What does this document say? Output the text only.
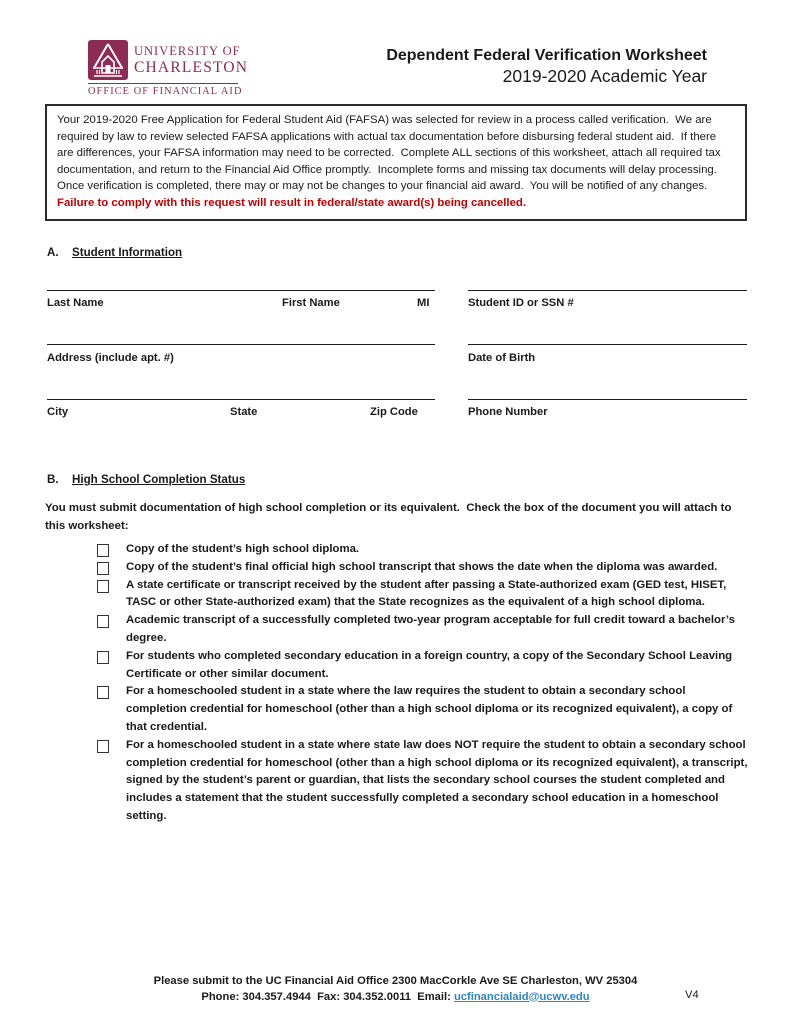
UNIVERSITY OF
CHARLESTON
OFFICE OF FINANCIAL AID
Dependent Federal Verification Worksheet
2019-2020 Academic Year
Your 2019-2020 Free Application for Federal Student Aid (FAFSA) was selected for review in a process called verification.  We are required by law to review selected FAFSA applications with actual tax documentation before disbursing federal student aid.  If there are differences, your FAFSA information may need to be corrected.  Complete ALL sections of this worksheet, attach all required tax documentation, and return to the Financial Aid Office promptly.  Incomplete forms and missing tax documents will delay processing.  Once verification is completed, there may or may not be changes to your financial aid award.  You will be notified of any changes.  Failure to comply with this request will result in federal/state award(s) being cancelled.
A. Student Information
Last Name	First Name	MI	Student ID or SSN #
Address (include apt. #)	Date of Birth
City	State	Zip Code	Phone Number
B. High School Completion Status
You must submit documentation of high school completion or its equivalent.  Check the box of the document you will attach to this worksheet:
Copy of the student’s high school diploma.
Copy of the student’s final official high school transcript that shows the date when the diploma was awarded.
A state certificate or transcript received by the student after passing a State-authorized exam (GED test, HISET, TASC or other State-authorized exam) that the State recognizes as the equivalent of a high school diploma.
Academic transcript of a successfully completed two-year program acceptable for full credit toward a bachelor’s degree.
For students who completed secondary education in a foreign country, a copy of the Secondary School Leaving Certificate or other similar document.
For a homeschooled student in a state where the law requires the student to obtain a secondary school completion credential for homeschool (other than a high school diploma or its recognized equivalent), a copy of that credential.
For a homeschooled student in a state where state law does NOT require the student to obtain a secondary school completion credential for homeschool (other than a high school diploma or its recognized equivalent), a transcript, signed by the student’s parent or guardian, that lists the secondary school courses the student completed and includes a statement that the student successfully completed a secondary school education in a homeschool setting.
Please submit to the UC Financial Aid Office 2300 MacCorkle Ave SE Charleston, WV 25304
Phone: 304.357.4944 Fax: 304.352.0011 Email: ucfinancialaid@ucwv.edu	V4
